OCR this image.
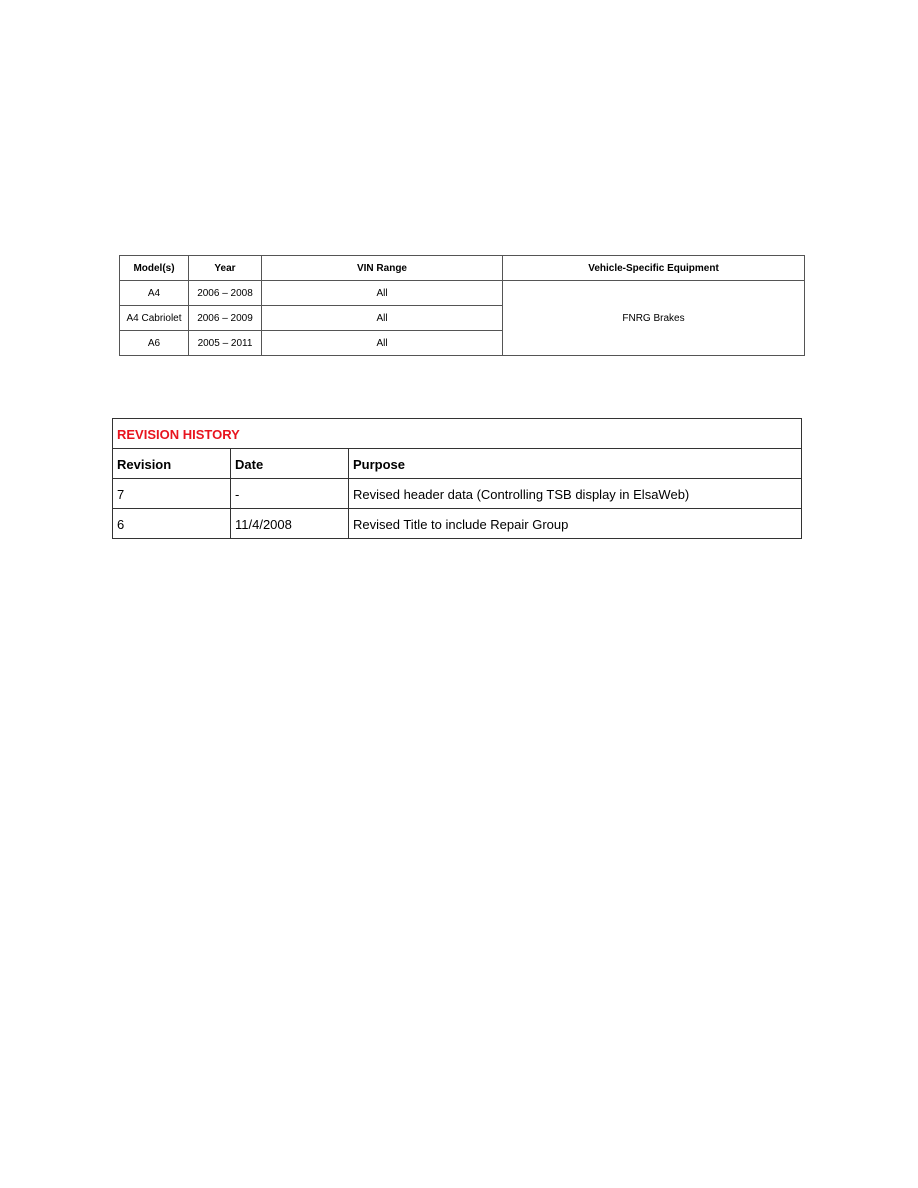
Model(s)	Year	VIN Range	Vehicle-Specific Equipment
A4	2006 – 2008	All	FNRG Brakes
A4 Cabriolet	2006 – 2009	All	
A6	2005 – 2011	All	
REVISION HISTORY		
Revision	Date	Purpose
7	-	Revised header data (Controlling TSB display in ElsaWeb)
6	11/4/2008	Revised Title to include Repair Group
